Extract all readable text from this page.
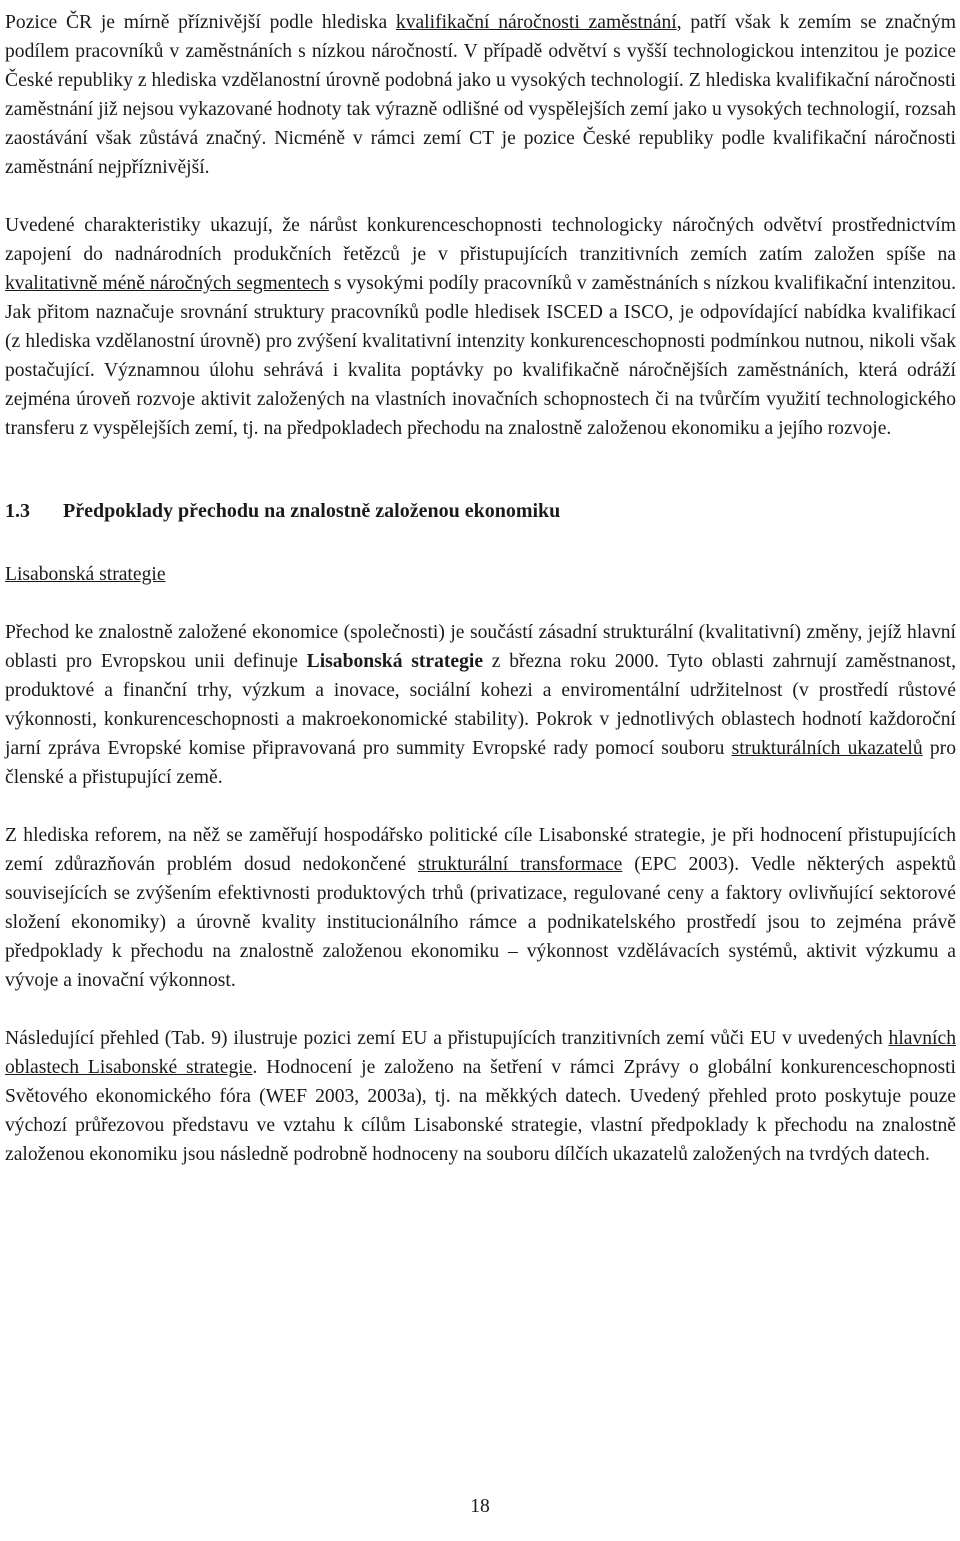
Pozice ČR je mírně příznivější podle hlediska kvalifikační náročnosti zaměstnání, patří však k zemím se značným podílem pracovníků v zaměstnáních s nízkou náročností. V případě odvětví s vyšší technologickou intenzitou je pozice České republiky z hlediska vzdělanostní úrovně podobná jako u vysokých technologií. Z hlediska kvalifikační náročnosti zaměstnání již nejsou vykazované hodnoty tak výrazně odlišné od vyspělejších zemí jako u vysokých technologií, rozsah zaostávání však zůstává značný. Nicméně v rámci zemí CT je pozice České republiky podle kvalifikační náročnosti zaměstnání nejpříznivější.

Uvedené charakteristiky ukazují, že nárůst konkurenceschopnosti technologicky náročných odvětví prostřednictvím zapojení do nadnárodních produkčních řetězců je v přistupujících tranzitivních zemích zatím založen spíše na kvalitativně méně náročných segmentech s vysokými podíly pracovníků v zaměstnáních s nízkou kvalifikační intenzitou. Jak přitom naznačuje srovnání struktury pracovníků podle hledisek ISCED a ISCO, je odpovídající nabídka kvalifikací (z hlediska vzdělanostní úrovně) pro zvýšení kvalitativní intenzity konkurenceschopnosti podmínkou nutnou, nikoli však postačující. Významnou úlohu sehrává i kvalita poptávky po kvalifikačně náročnějších zaměstnáních, která odráží zejména úroveň rozvoje aktivit založených na vlastních inovačních schopnostech či na tvůrčím využití technologického transferu z vyspělejších zemí, tj. na předpokladech přechodu na znalostně založenou ekonomiku a jejího rozvoje.

1.3 Předpoklady přechodu na znalostně založenou ekonomiku
Lisabonská strategie

Přechod ke znalostně založené ekonomice (společnosti) je součástí zásadní strukturální (kvalitativní) změny, jejíž hlavní oblasti pro Evropskou unii definuje Lisabonská strategie z března roku 2000. Tyto oblasti zahrnují zaměstnanost, produktové a finanční trhy, výzkum a inovace, sociální kohezi a enviromentální udržitelnost (v prostředí růstové výkonnosti, konkurenceschopnosti a makroekonomické stability). Pokrok v jednotlivých oblastech hodnotí každoroční jarní zpráva Evropské komise připravovaná pro summity Evropské rady pomocí souboru strukturálních ukazatelů pro členské a přistupující země.

Z hlediska reforem, na něž se zaměřují hospodářsko politické cíle Lisabonské strategie, je při hodnocení přistupujících zemí zdůrazňován problém dosud nedokončené strukturální transformace (EPC 2003). Vedle některých aspektů souvisejících se zvýšením efektivnosti produktových trhů (privatizace, regulované ceny a faktory ovlivňující sektorové složení ekonomiky) a úrovně kvality institucionálního rámce a podnikatelského prostředí jsou to zejména právě předpoklady k přechodu na znalostně založenou ekonomiku – výkonnost vzdělávacích systémů, aktivit výzkumu a vývoje a inovační výkonnost.

Následující přehled (Tab. 9) ilustruje pozici zemí EU a přistupujících tranzitivních zemí vůči EU v uvedených hlavních oblastech Lisabonské strategie. Hodnocení je založeno na šetření v rámci Zprávy o globální konkurenceschopnosti Světového ekonomického fóra (WEF 2003, 2003a), tj. na měkkých datech. Uvedený přehled proto poskytuje pouze výchozí průřezovou představu ve vztahu k cílům Lisabonské strategie, vlastní předpoklady k přechodu na znalostně založenou ekonomiku jsou následně podrobně hodnoceny na souboru dílčích ukazatelů založených na tvrdých datech.

18
